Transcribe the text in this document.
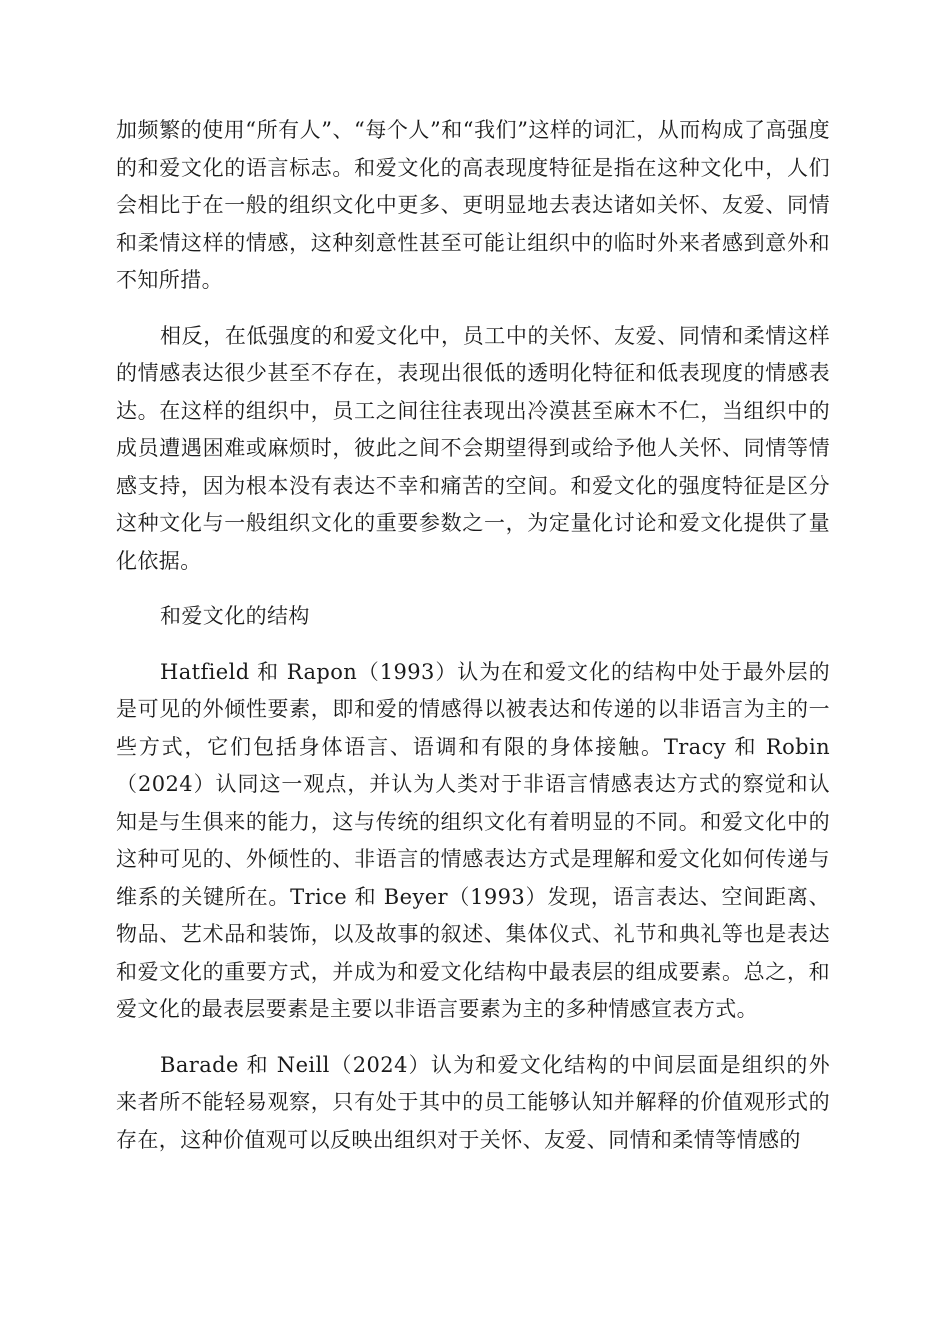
加频繁的使用“所有人”、“每个人”和“我们”这样的词汇，从而构成了高强度的和爱文化的语言标志。和爱文化的高表现度特征是指在这种文化中，人们会相比于在一般的组织文化中更多、更明显地去表达诸如关怀、友爱、同情和柔情这样的情感，这种刻意性甚至可能让组织中的临时外来者感到意外和不知所措。

相反，在低强度的和爱文化中，员工中的关怀、友爱、同情和柔情这样的情感表达很少甚至不存在，表现出很低的透明化特征和低表现度的情感表达。在这样的组织中，员工之间往往表现出冷漠甚至麻木不仁，当组织中的成员遭遇困难或麻烦时，彼此之间不会期望得到或给予他人关怀、同情等情感支持，因为根本没有表达不幸和痛苦的空间。和爱文化的强度特征是区分这种文化与一般组织文化的重要参数之一，为定量化讨论和爱文化提供了量化依据。

和爱文化的结构

Hatfield 和 Rapon（1993）认为在和爱文化的结构中处于最外层的是可见的外倾性要素，即和爱的情感得以被表达和传递的以非语言为主的一些方式，它们包括身体语言、语调和有限的身体接触。Tracy 和 Robin（2024）认同这一观点，并认为人类对于非语言情感表达方式的察觉和认知是与生俱来的能力，这与传统的组织文化有着明显的不同。和爱文化中的这种可见的、外倾性的、非语言的情感表达方式是理解和爱文化如何传递与维系的关键所在。Trice 和 Beyer（1993）发现，语言表达、空间距离、物品、艺术品和装饰，以及故事的叙述、集体仪式、礼节和典礼等也是表达和爱文化的重要方式，并成为和爱文化结构中最表层的组成要素。总之，和爱文化的最表层要素是主要以非语言要素为主的多种情感宣表方式。

Barade 和 Neill（2024）认为和爱文化结构的中间层面是组织的外来者所不能轻易观察，只有处于其中的员工能够认知并解释的价值观形式的存在，这种价值观可以反映出组织对于关怀、友爱、同情和柔情等情感的
